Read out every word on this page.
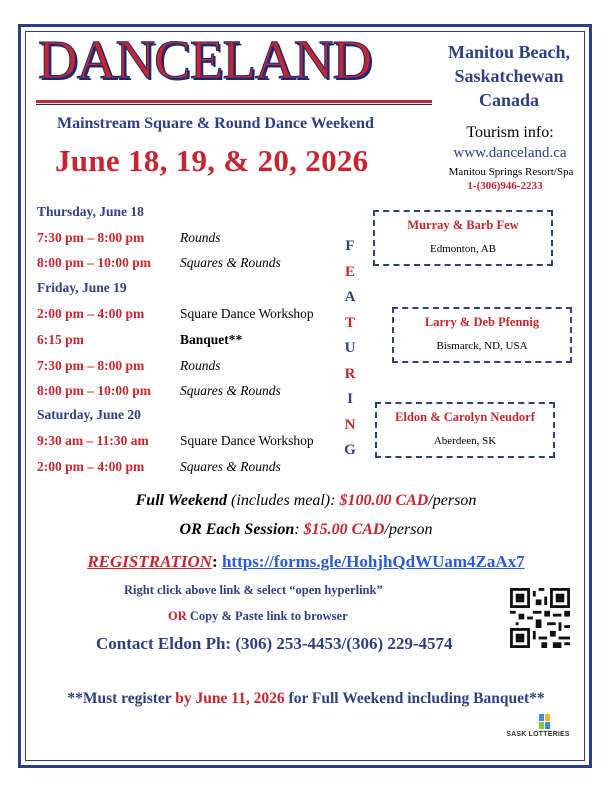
DANCELAND
Mainstream Square & Round Dance Weekend
June 18, 19, & 20, 2026
Manitou Beach,
Saskatchewan
Canada
Tourism info:
www.danceland.ca
Manitou Springs Resort/Spa
1-(306)946-2233
Thursday, June 18
7:30 pm – 8:00 pm	Rounds
8:00 pm – 10:00 pm Squares & Rounds
Friday, June 19
2:00 pm – 4:00 pm	Square Dance Workshop
6:15 pm	Banquet**
7:30 pm – 8:00 pm	Rounds
8:00 pm – 10:00 pm Squares & Rounds
Saturday, June 20
9:30 am – 11:30 am Square Dance Workshop
2:00 pm – 4:00 pm	Squares & Rounds
F
E
A
T
U
R
I
N
G
Murray & Barb Few
Edmonton, AB
Larry & Deb Pfennig
Bismarck, ND, USA
Eldon & Carolyn Neudorf
Aberdeen, SK
Full Weekend (includes meal): $100.00 CAD/person
OR Each Session: $15.00 CAD/person
REGISTRATION: https://forms.gle/HohjhQdWUam4ZaAx7
Right click above link & select “open hyperlink”
OR Copy & Paste link to browser
Contact Eldon Ph: (306) 253-4453/(306) 229-4574
**Must register by June 11, 2026 for Full Weekend including Banquet**
SASK LOTTERIES
